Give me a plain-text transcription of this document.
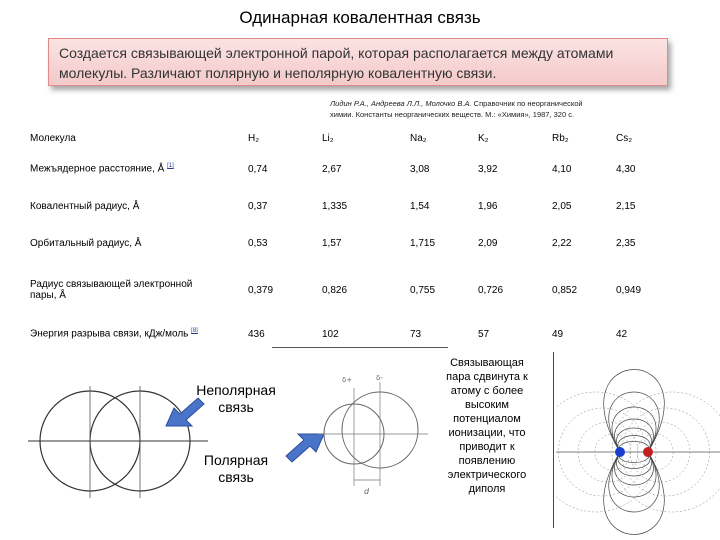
Одинарная ковалентная связь
Создается связывающей электронной парой, которая располагается между атомами
молекулы. Различают полярную и неполярную ковалентную связи.
Лидин Р.А., Андреева Л.Л., Молочко В.А. Справочник по неорганической
химии. Константы неорганических веществ. М.: «Химия», 1987, 320 с.
Молекула	H₂	Li₂	Na₂	K₂	Rb₂	Cs₂
Межъядерное расстояние, Å [1]	0,74	2,67	3,08	3,92	4,10	4,30
Ковалентный радиус, Å	0,37	1,335	1,54	1,96	2,05	2,15
Орбитальный радиус, Å	0,53	1,57	1,715	2,09	2,22	2,35
Радиус связывающей электронной
пары, Å	0,379	0,826	0,755	0,726	0,852	0,949
Энергия разрыва связи, кДж/моль [8]	436	102	73	57	49	42
Неполярная
связь
Полярная
связь
δ+	δ-
d
Связывающая
пара сдвинута к
атому с более
высоким
потенциалом
ионизации, что
приводит к
появлению
электрического
диполя
